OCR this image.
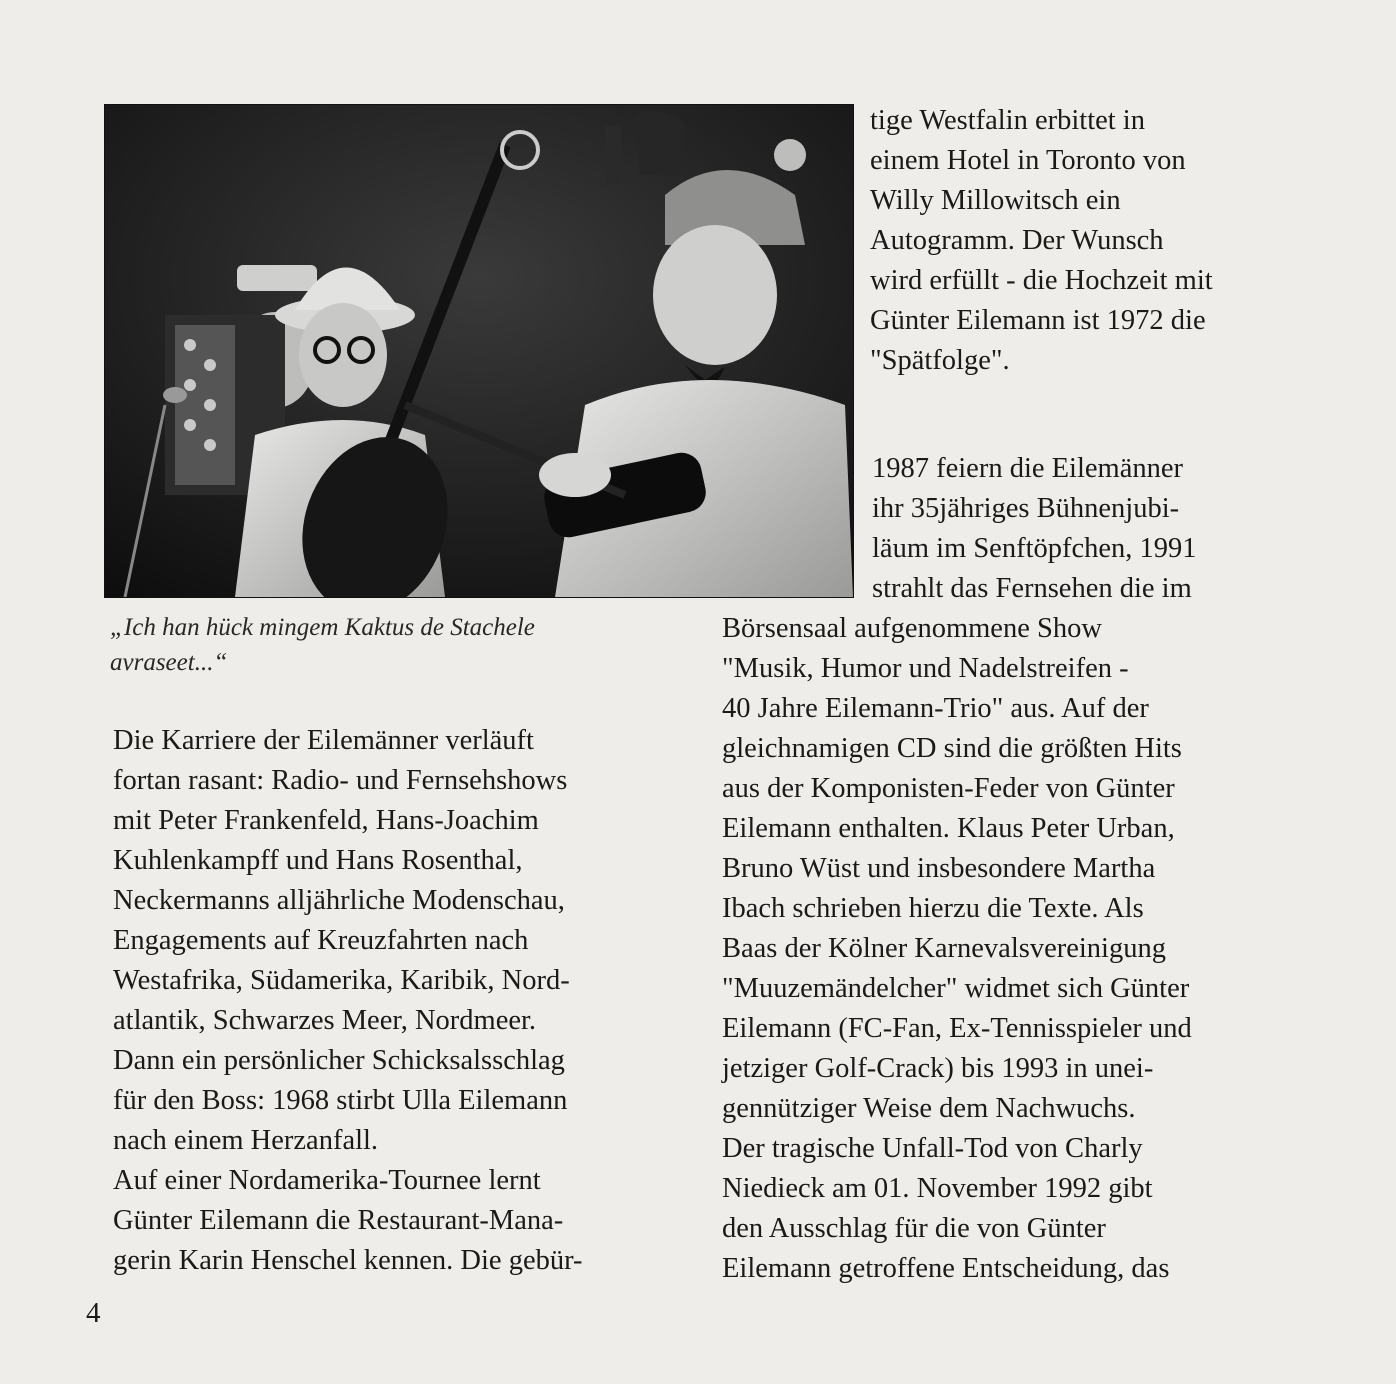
„Ich han hück mingem Kaktus de Stachele
avraseet...“
tige Westfalin erbittet in
einem Hotel in Toronto von
Willy Millowitsch ein
Autogramm. Der Wunsch
wird erfüllt - die Hochzeit mit
Günter Eilemann ist 1972 die
"Spätfolge".
1987 feiern die Eilemänner
ihr 35jähriges Bühnenjubi-
läum im Senftöpfchen, 1991
strahlt das Fernsehen die im
Börsensaal aufgenommene Show
"Musik, Humor und Nadelstreifen -
40 Jahre Eilemann-Trio" aus. Auf der
gleichnamigen CD sind die größten Hits
aus der Komponisten-Feder von Günter
Eilemann enthalten. Klaus Peter Urban,
Bruno Wüst und insbesondere Martha
Ibach schrieben hierzu die Texte. Als
Baas der Kölner Karnevalsvereinigung
"Muuzemändelcher" widmet sich Günter
Eilemann (FC-Fan, Ex-Tennisspieler und
jetziger Golf-Crack) bis 1993 in unei-
gennütziger Weise dem Nachwuchs.
Der tragische Unfall-Tod von Charly
Niedieck am 01. November 1992 gibt
den Ausschlag für die von Günter
Eilemann getroffene Entscheidung, das
Die Karriere der Eilemänner verläuft
fortan rasant: Radio- und Fernsehshows
mit Peter Frankenfeld, Hans-Joachim
Kuhlenkampff und Hans Rosenthal,
Neckermanns alljährliche Modenschau,
Engagements auf Kreuzfahrten nach
Westafrika, Südamerika, Karibik, Nord-
atlantik, Schwarzes Meer, Nordmeer.
Dann ein persönlicher Schicksalsschlag
für den Boss: 1968 stirbt Ulla Eilemann
nach einem Herzanfall.
Auf einer Nordamerika-Tournee lernt
Günter Eilemann die Restaurant-Mana-
gerin Karin Henschel kennen. Die gebür-
4
